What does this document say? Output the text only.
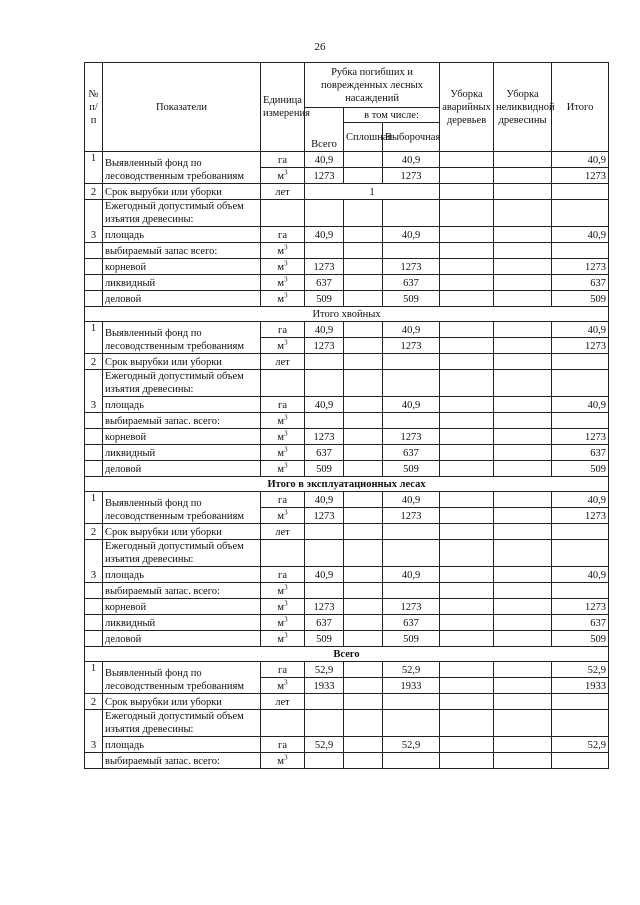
26
№ п/п	Показатели	Единица измерения	Рубка погибших и поврежденных лесных насаждений			Уборка аварийных деревьев	Уборка неликвидной древесины	Итого
			Всего	в том числе:				
				Сплошная	Выборочная			
1	Выявленный фонд по лесоводственным требованиям	га	40,9		40,9			40,9
		$м^3$	1273		1273			1273

2	Срок вырубки или уборки	лет	1					
3	Ежегодный допустимый объем изъятия древесины:							

	площадь	га	40,9		40,9			40,9
	выбираемый запас всего:	$м^3$						
	корневой	$м^3$	1273		1273			1273
	ликвидный	$м^3$	637		637			637
	деловой	$м^3$	509		509			509
Итого хвойных								
1	Выявленный фонд по лесоводственным требованиям	га	40,9		40,9			40,9
		$м^3$	1273		1273			1273

2	Срок вырубки или уборки	лет						
3	Ежегодный допустимый объем изъятия древесины:							

	площадь	га	40,9		40,9			40,9
	выбираемый запас. всего:	$м^3$						
	корневой	$м^3$	1273		1273			1273
	ликвидный	$м^3$	637		637			637
	деловой	$м^3$	509		509			509
Итого в эксплуатационных лесах								
1	Выявленный фонд по лесоводственным требованиям	га	40,9		40,9			40,9
		$м^3$	1273		1273			1273

2	Срок вырубки или уборки	лет						
3	Ежегодный допустимый объем изъятия древесины:							

	площадь	га	40,9		40,9			40,9
	выбираемый запас. всего:	$м^3$						
	корневой	$м^3$	1273		1273			1273
	ликвидный	$м^3$	637		637			637
	деловой	$м^3$	509		509			509
Всего								
1	Выявленный фонд по лесоводственным требованиям	га	52,9		52,9			52,9
		$м^3$	1933		1933			1933

2	Срок вырубки или уборки	лет						
3	Ежегодный допустимый объем изъятия древесины:							

	площадь	га	52,9		52,9			52,9
	выбираемый запас. всего:	$м^3$						
